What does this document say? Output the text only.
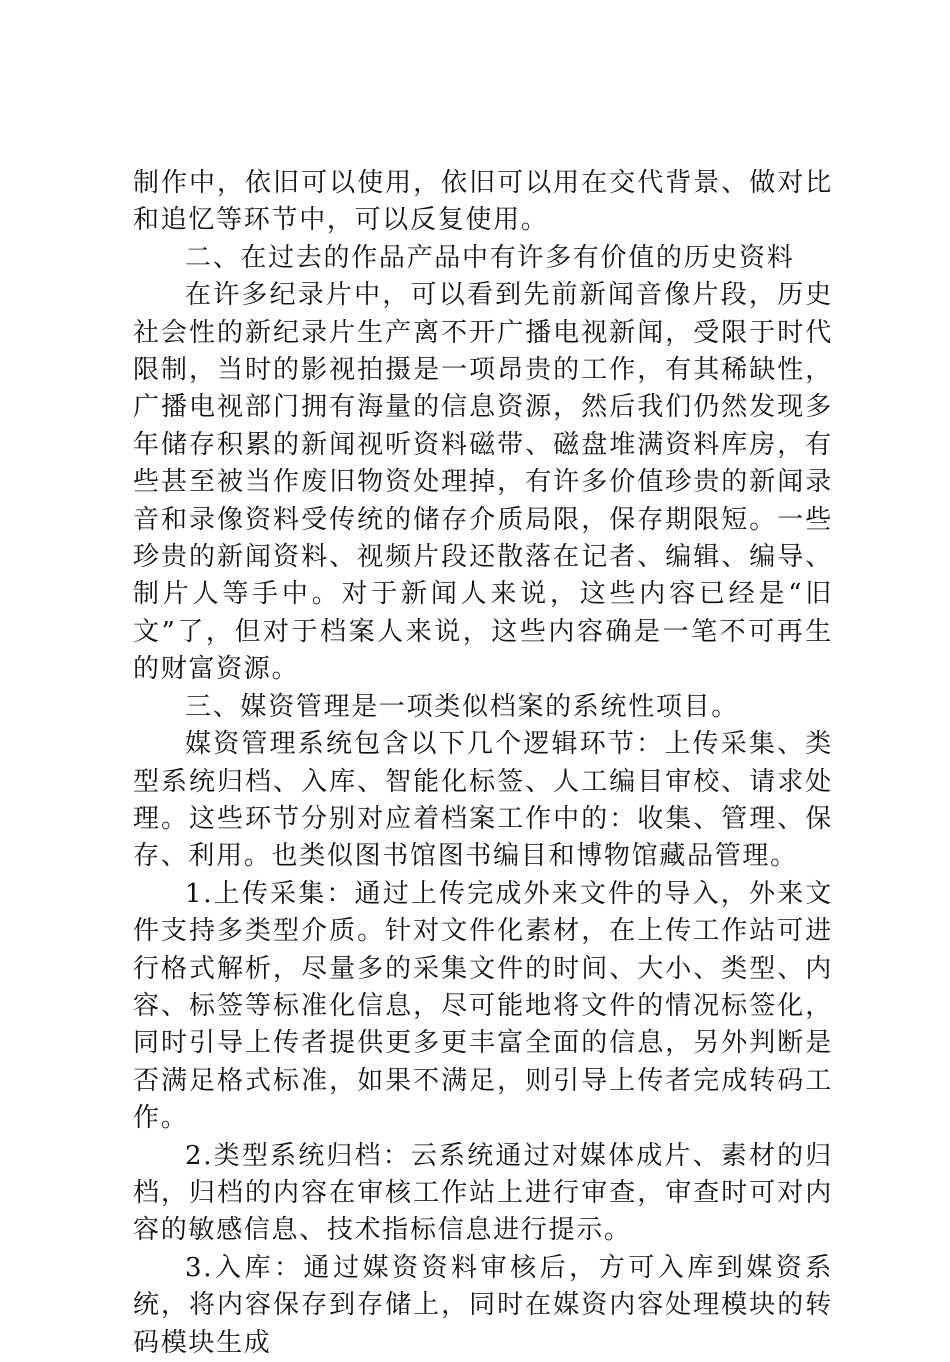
制作中，依旧可以使用，依旧可以用在交代背景、做对比和追忆等环节中，可以反复使用。

二、在过去的作品产品中有许多有价值的历史资料

在许多纪录片中，可以看到先前新闻音像片段，历史社会性的新纪录片生产离不开广播电视新闻，受限于时代限制，当时的影视拍摄是一项昂贵的工作，有其稀缺性，广播电视部门拥有海量的信息资源，然后我们仍然发现多年储存积累的新闻视听资料磁带、磁盘堆满资料库房，有些甚至被当作废旧物资处理掉，有许多价值珍贵的新闻录音和录像资料受传统的储存介质局限，保存期限短。一些珍贵的新闻资料、视频片段还散落在记者、编辑、编导、制片人等手中。对于新闻人来说，这些内容已经是“旧文”了，但对于档案人来说，这些内容确是一笔不可再生的财富资源。

三、媒资管理是一项类似档案的系统性项目。

媒资管理系统包含以下几个逻辑环节：上传采集、类型系统归档、入库、智能化标签、人工编目审校、请求处理。这些环节分别对应着档案工作中的：收集、管理、保存、利用。也类似图书馆图书编目和博物馆藏品管理。

1.上传采集：通过上传完成外来文件的导入，外来文件支持多类型介质。针对文件化素材，在上传工作站可进行格式解析，尽量多的采集文件的时间、大小、类型、内容、标签等标准化信息，尽可能地将文件的情况标签化，同时引导上传者提供更多更丰富全面的信息，另外判断是否满足格式标准，如果不满足，则引导上传者完成转码工作。

2.类型系统归档：云系统通过对媒体成片、素材的归档，归档的内容在审核工作站上进行审查，审查时可对内容的敏感信息、技术指标信息进行提示。

3.入库：通过媒资资料审核后，方可入库到媒资系统，将内容保存到存储上，同时在媒资内容处理模块的转码模块生成
